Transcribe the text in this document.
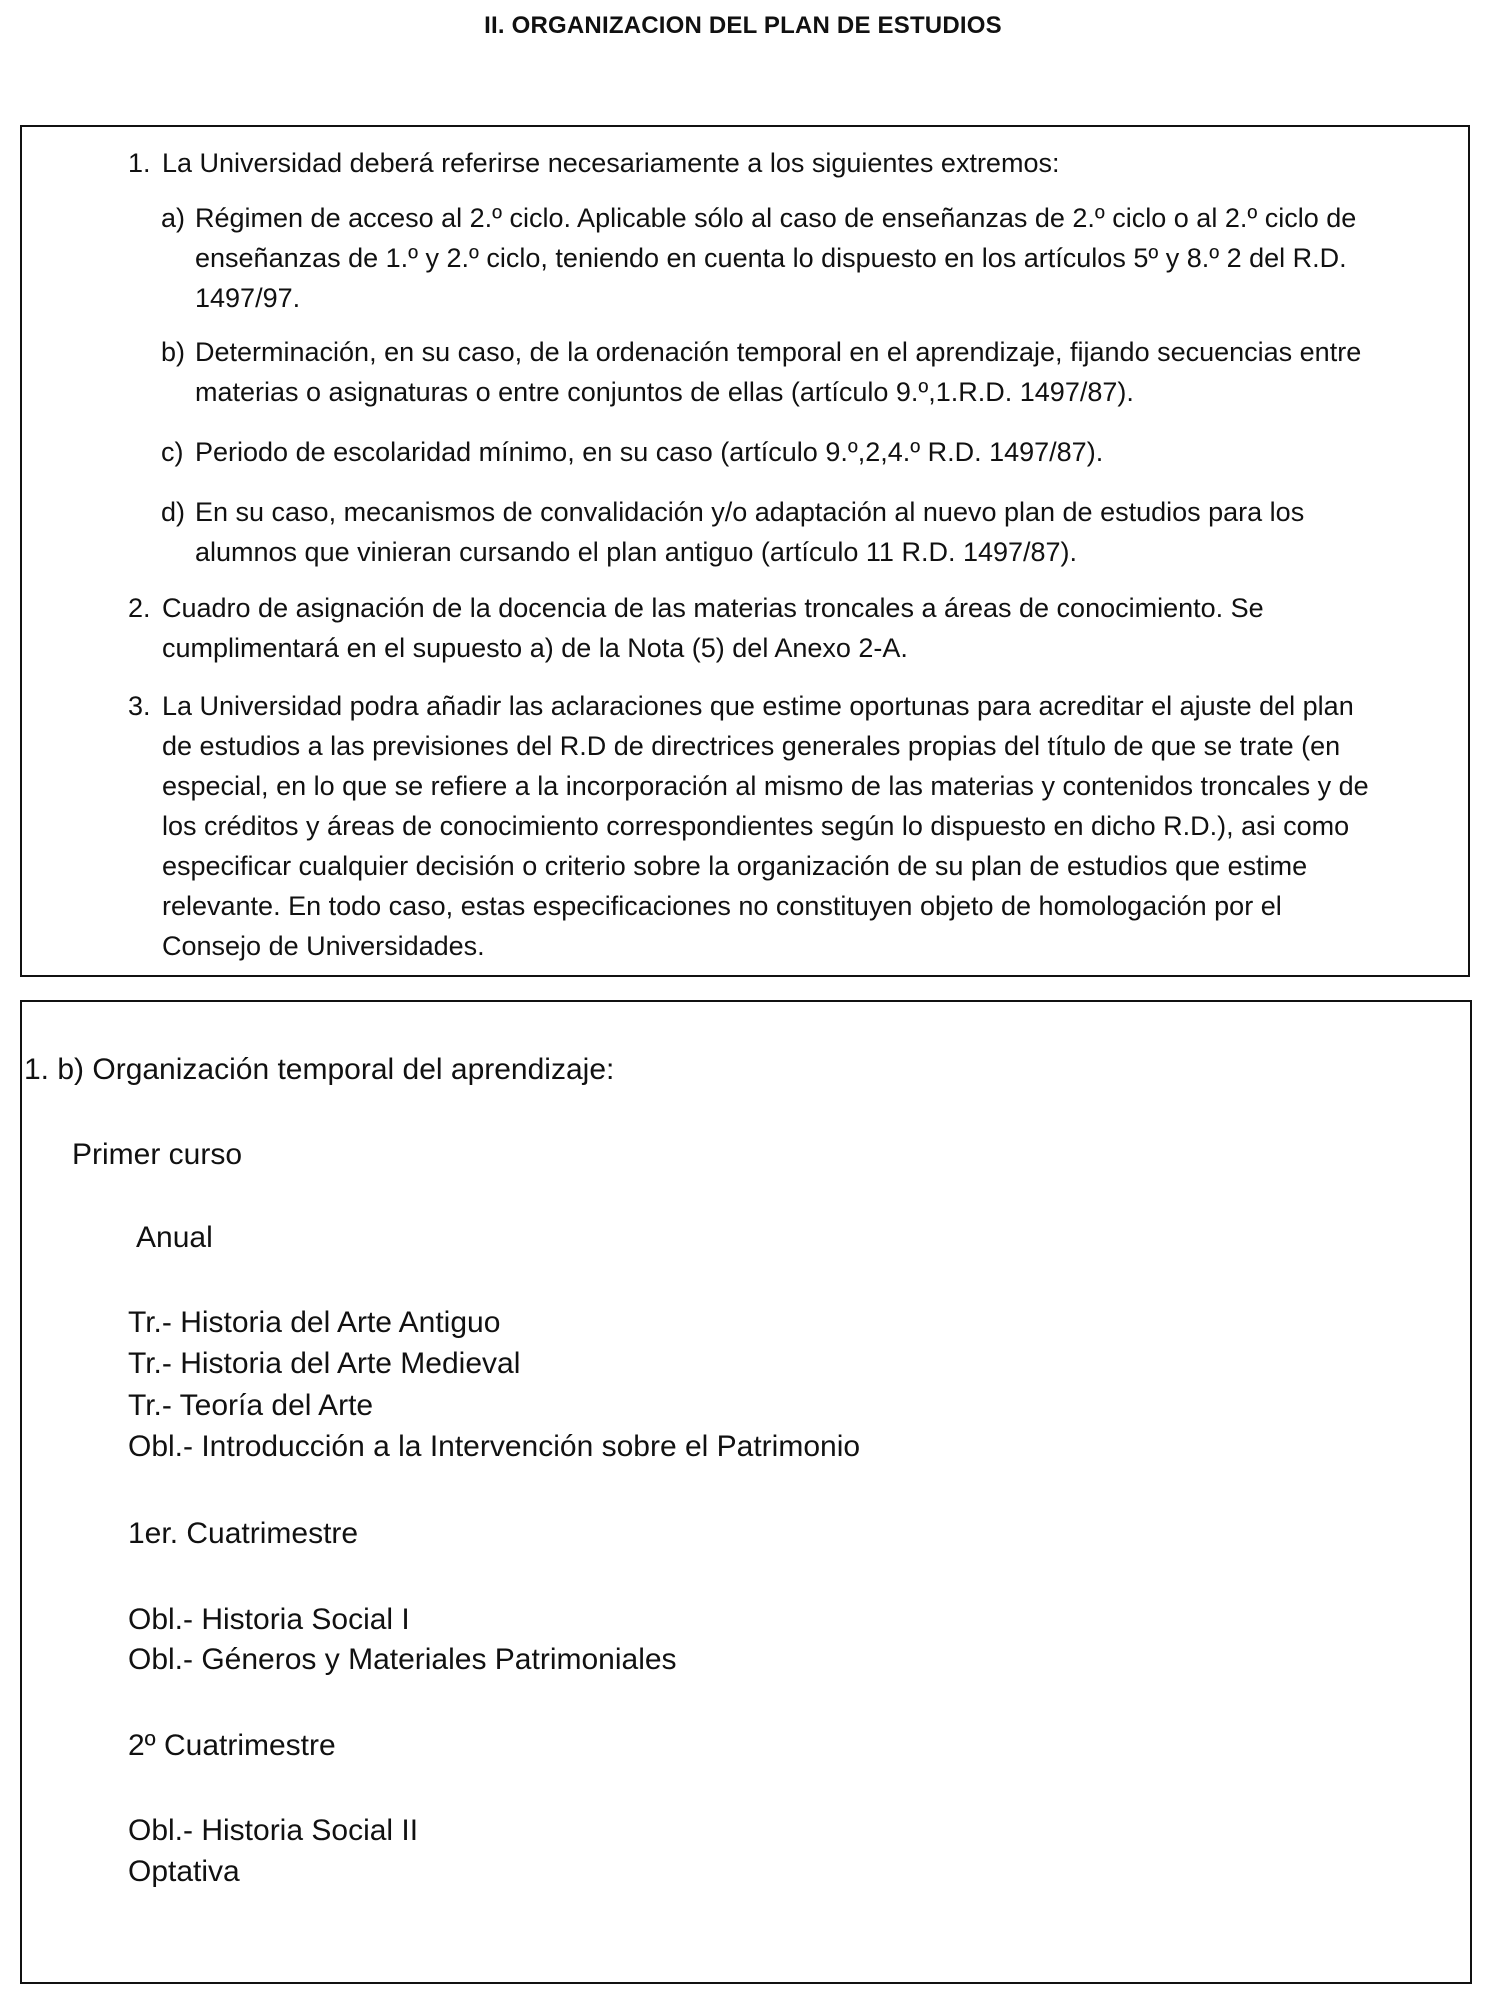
II. ORGANIZACION DEL PLAN DE ESTUDIOS
1. La Universidad deberá referirse necesariamente a los siguientes extremos:
a) Régimen de acceso al 2.º ciclo. Aplicable sólo al caso de enseñanzas de 2.º ciclo o al 2.º ciclo de enseñanzas de 1.º y 2.º ciclo, teniendo en cuenta lo dispuesto en los artículos 5º y 8.º 2 del R.D. 1497/97.
b) Determinación, en su caso, de la ordenación temporal en el aprendizaje, fijando secuencias entre materias o asignaturas o entre conjuntos de ellas (artículo 9.º,1.R.D. 1497/87).
c) Periodo de escolaridad mínimo, en su caso (artículo 9.º,2,4.º R.D. 1497/87).
d) En su caso, mecanismos de convalidación y/o adaptación al nuevo plan de estudios para los alumnos que vinieran cursando el plan antiguo (artículo 11 R.D. 1497/87).
2. Cuadro de asignación de la docencia de las materias troncales a áreas de conocimiento. Se cumplimentará en el supuesto a) de la Nota (5) del Anexo 2-A.
3. La Universidad podra añadir las aclaraciones que estime oportunas para acreditar el ajuste del plan de estudios a las previsiones del R.D de directrices generales propias del título de que se trate (en especial, en lo que se refiere a la incorporación al mismo de las materias y contenidos troncales y de los créditos y áreas de conocimiento correspondientes según lo dispuesto en dicho R.D.), asi como especificar cualquier decisión o criterio sobre la organización de su plan de estudios que estime relevante. En todo caso, estas especificaciones no constituyen objeto de homologación por el Consejo de Universidades.
1. b) Organización temporal del aprendizaje:
Primer curso
Anual
Tr.- Historia del Arte Antiguo
Tr.- Historia del Arte Medieval
Tr.- Teoría del Arte
Obl.- Introducción a la Intervención sobre el Patrimonio
1er. Cuatrimestre
Obl.- Historia Social I
Obl.- Géneros y Materiales Patrimoniales
2º Cuatrimestre
Obl.- Historia Social II
Optativa
